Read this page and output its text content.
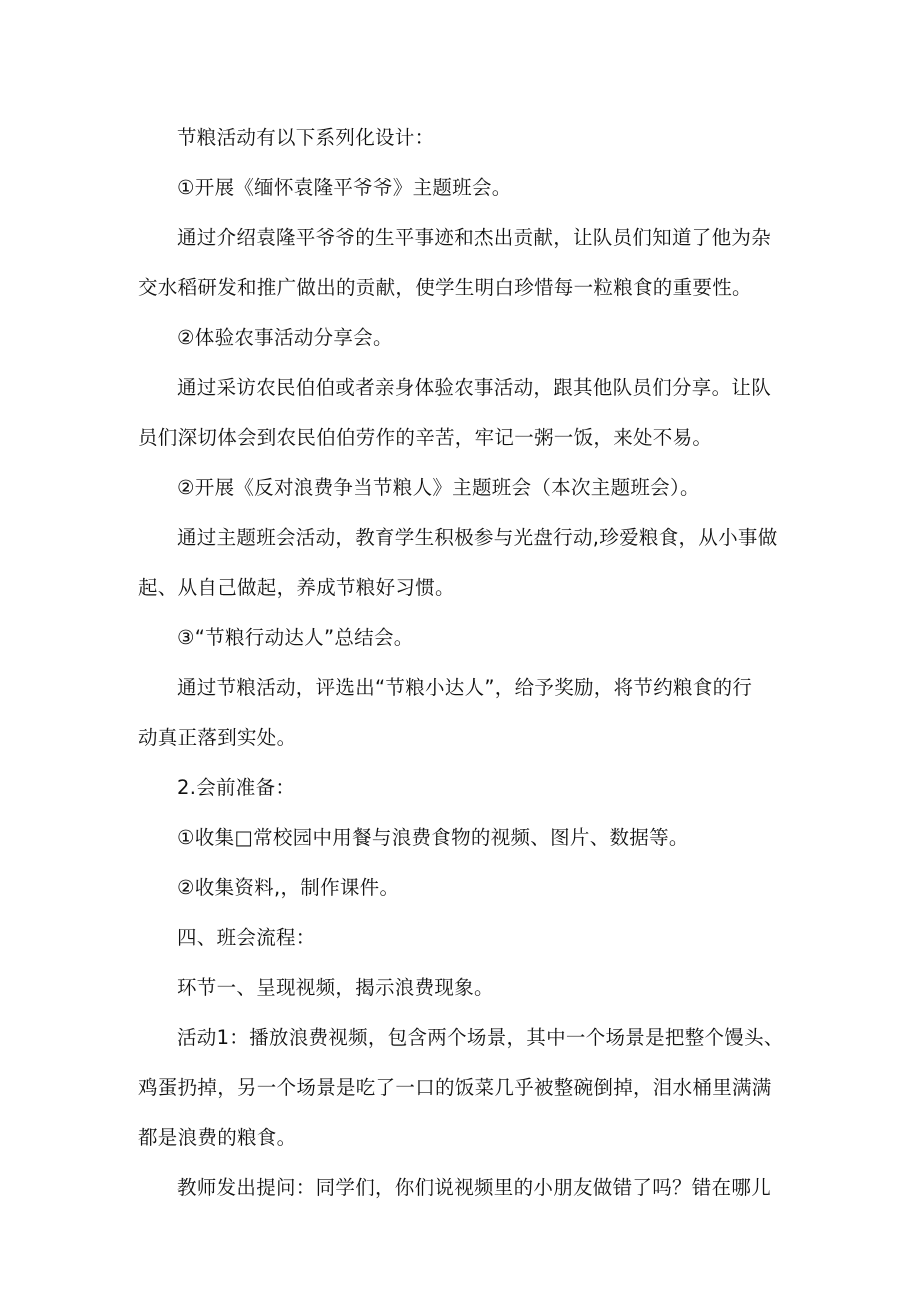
节粮活动有以下系列化设计：

①开展《缅怀袁隆平爷爷》主题班会。

通过介绍袁隆平爷爷的生平事迹和杰出贡献，让队员们知道了他为杂
交水稻研发和推广做出的贡献，使学生明白珍惜每一粒粮食的重要性。

②体验农事活动分享会。

通过采访农民伯伯或者亲身体验农事活动，跟其他队员们分享。让队
员们深切体会到农民伯伯劳作的辛苦，牢记一粥一饭，来处不易。

②开展《反对浪费争当节粮人》主题班会（本次主题班会）。

通过主题班会活动，教育学生积极参与光盘行动,珍爱粮食，从小事做
起、从自己做起，养成节粮好习惯。

③“节粮行动达人”总结会。

通过节粮活动，评选出“节粮小达人”，给予奖励，将节约粮食的行
动真正落到实处。

2.会前准备：

①收集□常校园中用餐与浪费食物的视频、图片、数据等。

②收集资料,，制作课件。

四、班会流程：

环节一、呈现视频，揭示浪费现象。

活动1：播放浪费视频，包含两个场景，其中一个场景是把整个馒头、
鸡蛋扔掉，另一个场景是吃了一口的饭菜几乎被整碗倒掉，泪水桶里满满
都是浪费的粮食。

教师发出提问：同学们，你们说视频里的小朋友做错了吗？错在哪儿
